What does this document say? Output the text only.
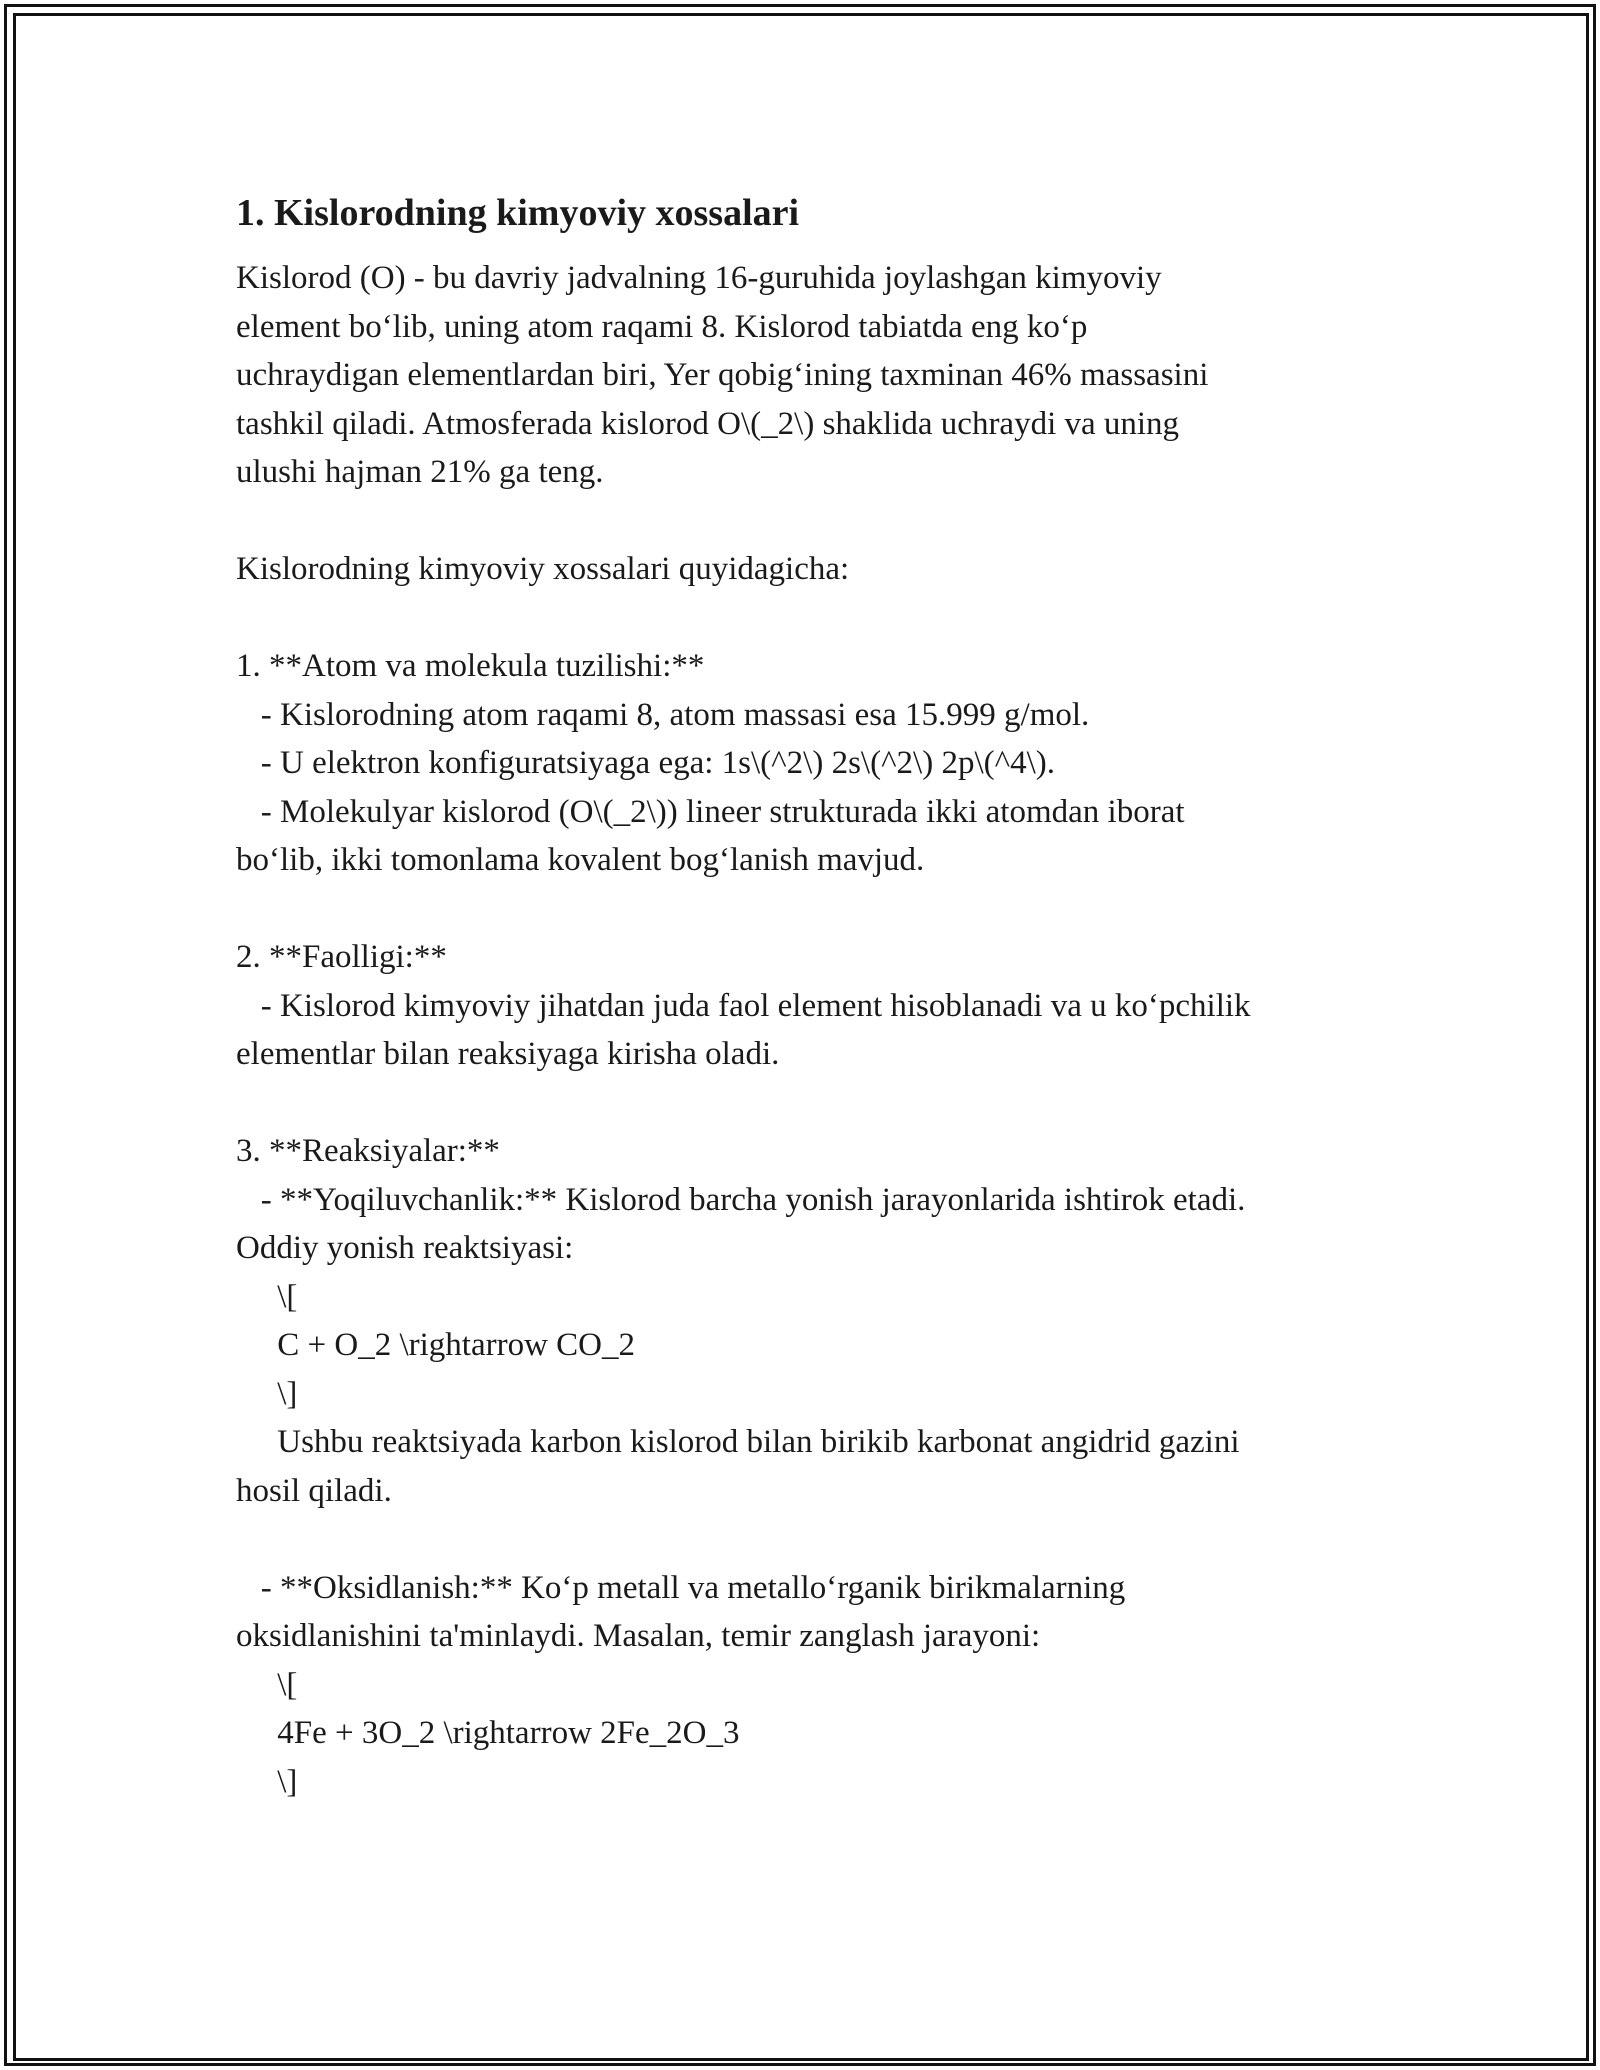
1. Kislorodning kimyoviy xossalari
Kislorod (O) - bu davriy jadvalning 16-guruhida joylashgan kimyoviy
element bo‘lib, uning atom raqami 8. Kislorod tabiatda eng ko‘p
uchraydigan elementlardan biri, Yer qobig‘ining taxminan 46% massasini
tashkil qiladi. Atmosferada kislorod O\(_2\) shaklida uchraydi va uning
ulushi hajman 21% ga teng.
Kislorodning kimyoviy xossalari quyidagicha:
1. **Atom va molekula tuzilishi:**
- Kislorodning atom raqami 8, atom massasi esa 15.999 g/mol.
- U elektron konfiguratsiyaga ega: 1s\(^2\) 2s\(^2\) 2p\(^4\).
- Molekulyar kislorod (O\(_2\)) lineer strukturada ikki atomdan iborat
bo‘lib, ikki tomonlama kovalent bog‘lanish mavjud.
2. **Faolligi:**
- Kislorod kimyoviy jihatdan juda faol element hisoblanadi va u ko‘pchilik
elementlar bilan reaksiyaga kirisha oladi.
3. **Reaksiyalar:**
- **Yoqiluvchanlik:** Kislorod barcha yonish jarayonlarida ishtirok etadi.
Oddiy yonish reaktsiyasi:
\[
C + O_2 \rightarrow CO_2
\]
Ushbu reaktsiyada karbon kislorod bilan birikib karbonat angidrid gazini
hosil qiladi.
- **Oksidlanish:** Ko‘p metall va metallo‘rganik birikmalarning
oksidlanishini ta'minlaydi. Masalan, temir zanglash jarayoni:
\[
4Fe + 3O_2 \rightarrow 2Fe_2O_3
\]
